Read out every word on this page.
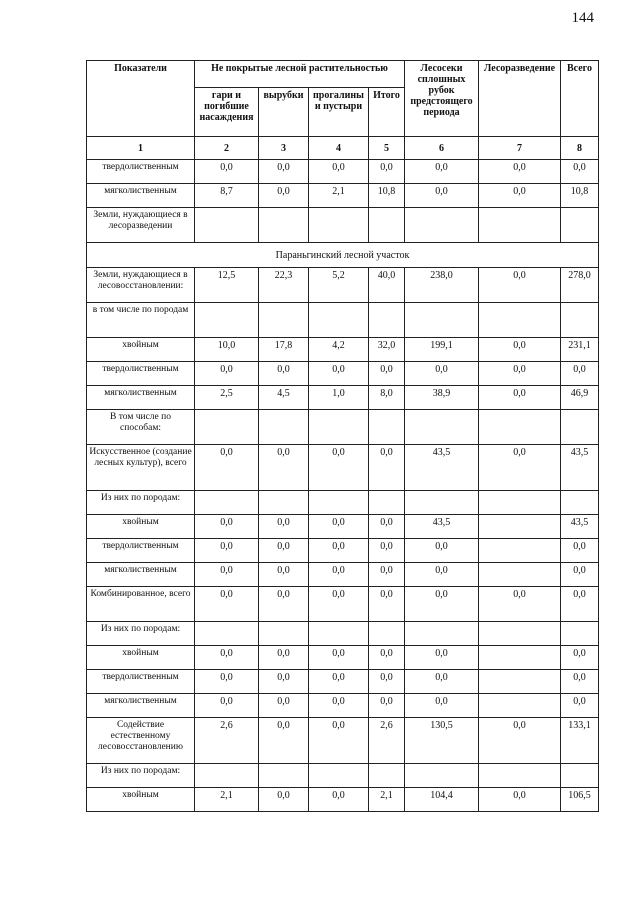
144
Показатели	Не покрытые лесной растительностью				Лесосеки сплошных рубок предстоящего периода	Лесоразведение	Всего
	гари и погибшие насаждения	вырубки	прогалины и пустыри	Итого			
1	2	3	4	5	6	7	8
твердолиственным	0,0	0,0	0,0	0,0	0,0	0,0	0,0
мягколиственным	8,7	0,0	2,1	10,8	0,0	0,0	10,8
Земли, нуждающиеся в лесоразведении							
Параньгинский лесной участок							
Земли, нуждающиеся в лесовосстановлении:	12,5	22,3	5,2	40,0	238,0	0,0	278,0
в том числе по породам							
хвойным	10,0	17,8	4,2	32,0	199,1	0,0	231,1
твердолиственным	0,0	0,0	0,0	0,0	0,0	0,0	0,0
мягколиственным	2,5	4,5	1,0	8,0	38,9	0,0	46,9
В том числе по способам:							
Искусственное (создание лесных культур), всего	0,0	0,0	0,0	0,0	43,5	0,0	43,5
Из них по породам:							
хвойным	0,0	0,0	0,0	0,0	43,5		43,5
твердолиственным	0,0	0,0	0,0	0,0	0,0		0,0
мягколиственным	0,0	0,0	0,0	0,0	0,0		0,0
Комбинированное, всего	0,0	0,0	0,0	0,0	0,0	0,0	0,0
Из них по породам:							
хвойным	0,0	0,0	0,0	0,0	0,0		0,0
твердолиственным	0,0	0,0	0,0	0,0	0,0		0,0
мягколиственным	0,0	0,0	0,0	0,0	0,0		0,0
Содействие естественному лесовосстановлению	2,6	0,0	0,0	2,6	130,5	0,0	133,1
Из них по породам:							
хвойным	2,1	0,0	0,0	2,1	104,4	0,0	106,5
